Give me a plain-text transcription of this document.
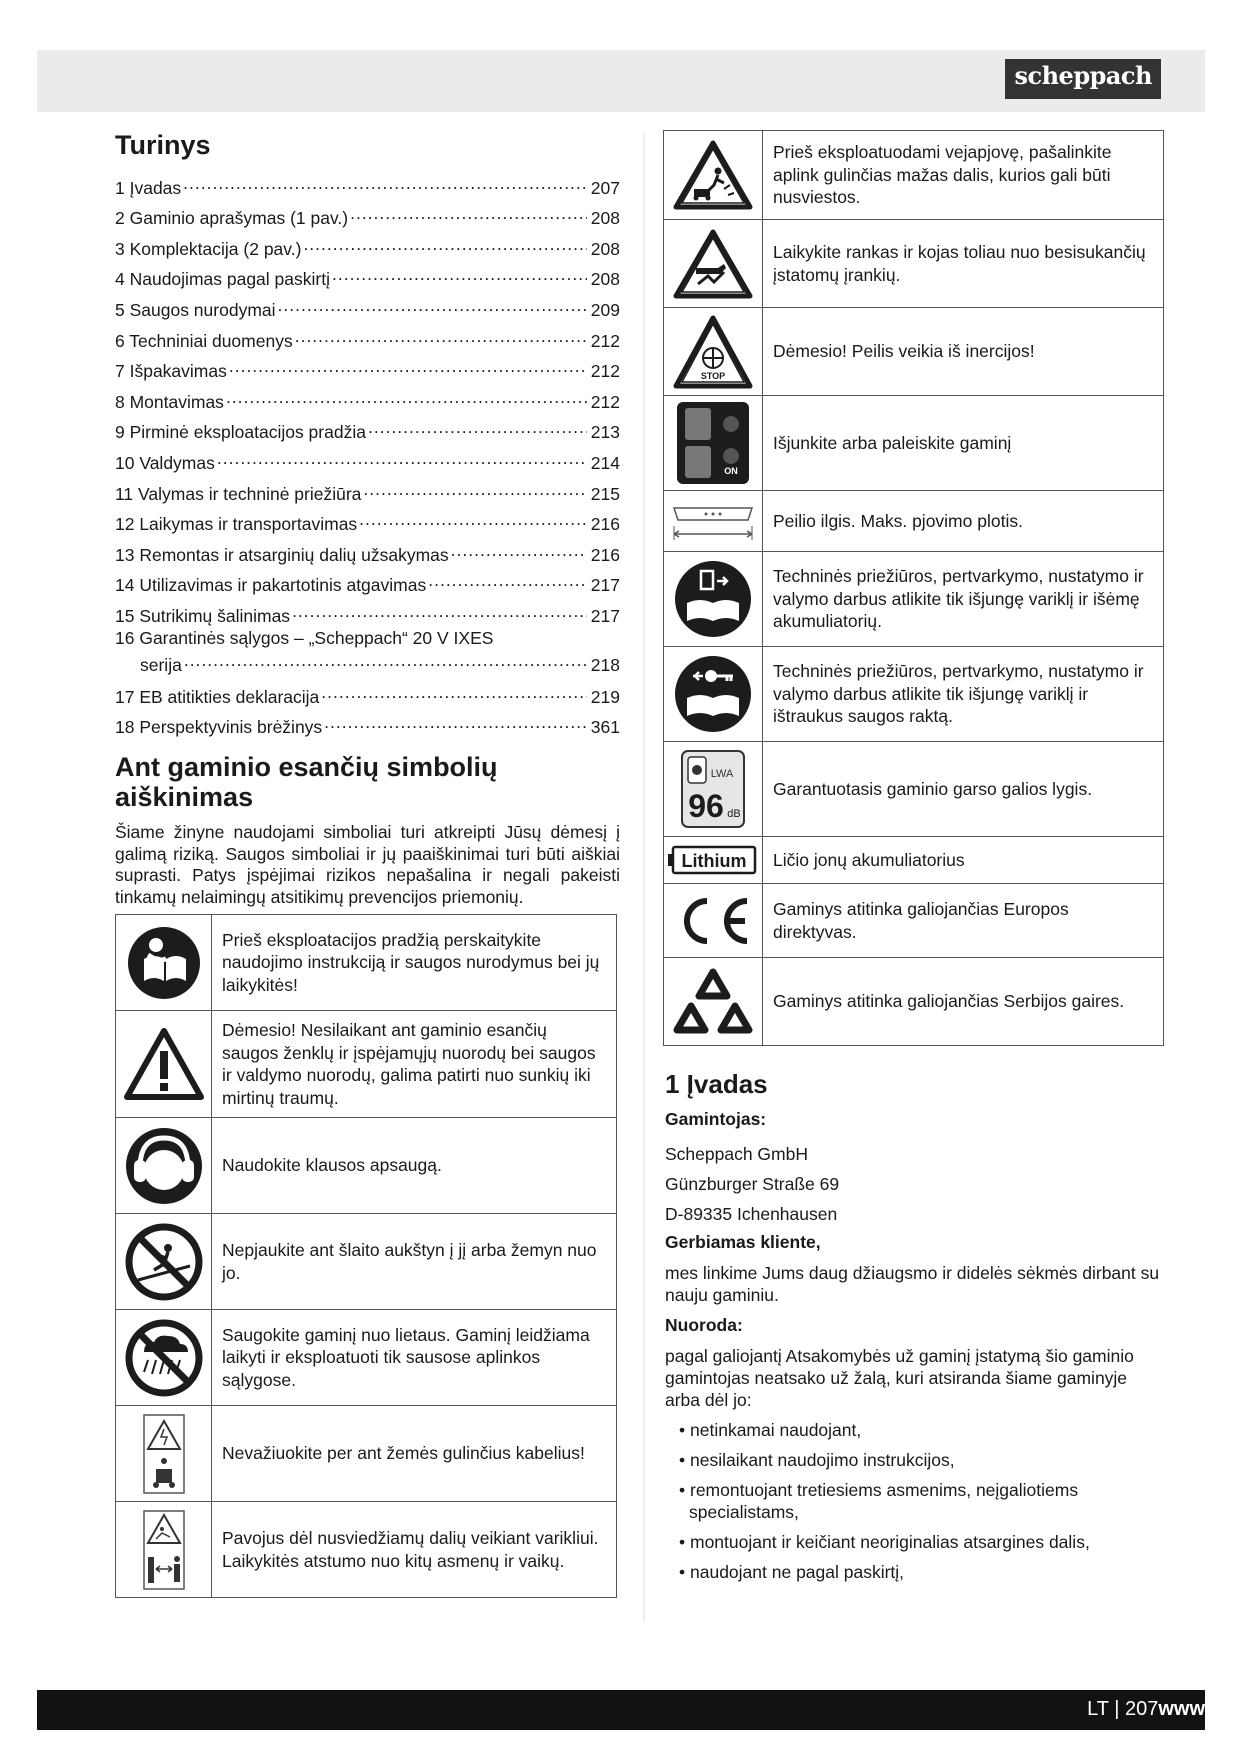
scheppach
Turinys
1 Įvadas .....	207
2 Gaminio aprašymas (1 pav.) .....	208
3 Komplektacija (2 pav.) .....	208
4 Naudojimas pagal paskirtį .....	208
5 Saugos nurodymai .....	209
6 Techniniai duomenys .....	212
7 Išpakavimas .....	212
8 Montavimas .....	212
9 Pirminė eksploatacijos pradžia .....	213
10 Valdymas .....	214
11 Valymas ir techninė priežiūra .....	215
12 Laikymas ir transportavimas .....	216
13 Remontas ir atsarginių dalių užsakymas .....	216
14 Utilizavimas ir pakartotinis atgavimas .....	217
15 Sutrikimų šalinimas .....	217
16 Garantinės sąlygos – „Scheppach“ 20 V IXES
serija .....	218
17 EB atitikties deklaracija .....	219
18 Perspektyvinis brėžinys .....	361
Ant gaminio esančių simbolių aiškinimas

Šiame žinyne naudojami simboliai turi atkreipti Jūsų dėmesį į galimą riziką. Saugos simboliai ir jų paaiškinimai turi būti aiškiai suprasti. Patys įspėjimai rizikos nepašalina ir negali pakeisti tinkamų nelaimingų atsitikimų prevencijos priemonių.

	Prieš eksploatacijos pradžią perskaitykite naudojimo instrukciją ir saugos nurodymus bei jų laikykitės!

	Dėmesio! Nesilaikant ant gaminio esančių saugos ženklų ir įspėjamųjų nuorodų bei saugos ir valdymo nuorodų, galima patirti nuo sunkių iki mirtinų traumų.

	Naudokite klausos apsaugą.

	Nepjaukite ant šlaito aukštyn į jį arba žemyn nuo jo.

	Saugokite gaminį nuo lietaus. Gaminį leidžiama laikyti ir eksploatuoti tik sausose aplinkos sąlygose.

	Nevažiuokite per ant žemės gulinčius kabelius!

	Pavojus dėl nusviedžiamų dalių veikiant varikliui. Laikykitės atstumo nuo kitų asmenų ir vaikų.
	Prieš eksploatuodami vejapjovę, pašalinkite aplink gulinčias mažas dalis, kurios gali būti nusviestos.

	Laikykite rankas ir kojas toliau nuo besisukančių įstatomų įrankių.

STOP	Dėmesio! Peilis veikia iš inercijos!

ON	Išjunkite arba paleiskite gaminį

	Peilio ilgis. Maks. pjovimo plotis.

	Techninės priežiūros, pertvarkymo, nustatymo ir valymo darbus atlikite tik išjungę variklį ir išėmę akumuliatorių.

	Techninės priežiūros, pertvarkymo, nustatymo ir valymo darbus atlikite tik išjungę variklį ir ištraukus saugos raktą.

LWA
96 dB	Garantuotasis gaminio garso galios lygis.

Lithium	Ličio jonų akumuliatorius

	Gaminys atitinka galiojančias Europos direktyvas.

	Gaminys atitinka galiojančias Serbijos gaires.
1 Įvadas
Gamintojas:
Scheppach GmbH
Günzburger Straße 69
D-89335 Ichenhausen
Gerbiamas kliente,

mes linkime Jums daug džiaugsmo ir didelės sėkmės dirbant su nauju gaminiu.

Nuoroda:

pagal galiojantį Atsakomybės už gaminį įstatymą šio gaminio gamintojas neatsako už žalą, kuri atsiranda šiame gaminyje arba dėl jo:

• netinkamai naudojant,
• nesilaikant naudojimo instrukcijos,
• remontuojant tretiesiems asmenims, neįgaliotiems specialistams,
• montuojant ir keičiant neoriginalias atsargines dalis,
• naudojant ne pagal paskirtį,
LT | 207www
